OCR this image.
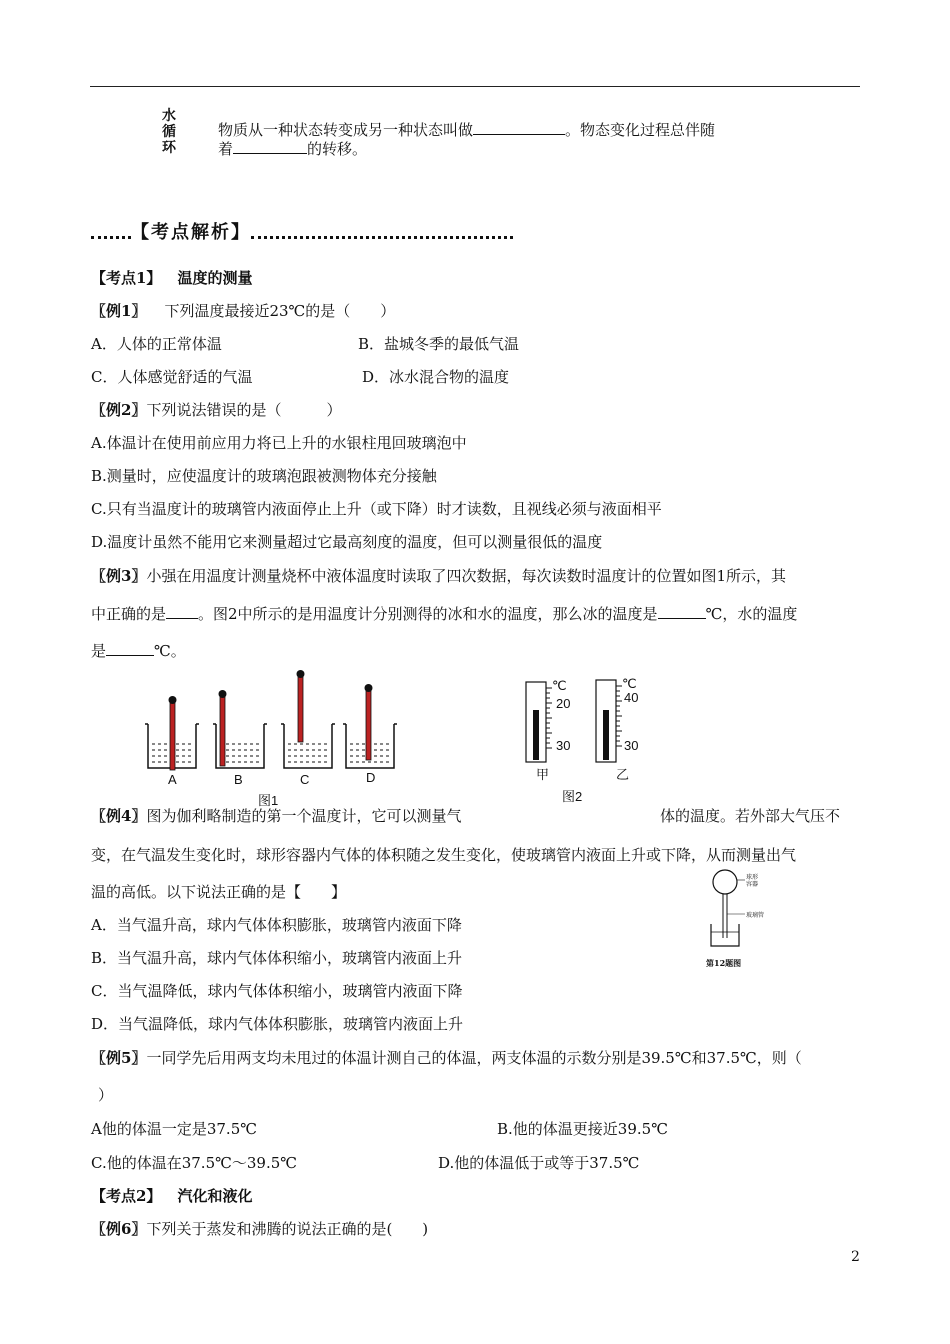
水循环
物质从一种状态转变成另一种状态叫做	。物态变化过程总伴随
着	的转移。
【考点解析】
【考点1】 温度的测量
〖例1〗 下列温度最接近23℃的是（　　）
A．人体的正常体温	B．盐城冬季的最低气温
C．人体感觉舒适的气温	D．冰水混合物的温度
〖例2〗下列说法错误的是（　　　）
A.体温计在使用前应用力将已上升的水银柱甩回玻璃泡中
B.测量时，应使温度计的玻璃泡跟被测物体充分接触
C.只有当温度计的玻璃管内液面停止上升（或下降）时才读数，且视线必须与液面相平
D.温度计虽然不能用它来测量超过它最高刻度的温度，但可以测量很低的温度
〖例3〗小强在用温度计测量烧杯中液体温度时读取了四次数据，每次读数时温度计的位置如图1所示，其
中正确的是 。图2中所示的是用温度计分别测得的冰和水的温度，那么冰的温度是	℃，水的温度
是	℃。
A	B	C	D
图1
℃
20
30
甲
℃
40
30
乙
图2
〖例4〗图为伽利略制造的第一个温度计，它可以测量气	体的温度。若外部大气压不
变，在气温发生变化时，球形容器内气体的体积随之发生变化，使玻璃管内液面上升或下降，从而测量出气
温的高低。以下说法正确的是【　　】
A．当气温升高，球内气体体积膨胀，玻璃管内液面下降
B．当气温升高，球内气体体积缩小，玻璃管内液面上升
C．当气温降低，球内气体体积缩小，玻璃管内液面下降
D．当气温降低，球内气体体积膨胀，玻璃管内液面上升
球形容器
玻璃管
第12题图
〖例5〗一同学先后用两支均未甩过的体温计测自己的体温，两支体温的示数分别是39.5℃和37.5℃，则（
）
A他的体温一定是37.5℃	B.他的体温更接近39.5℃
C.他的体温在37.5℃～39.5℃	D.他的体温低于或等于37.5℃
【考点2】 汽化和液化
〖例6〗下列关于蒸发和沸腾的说法正确的是(　　)
2
